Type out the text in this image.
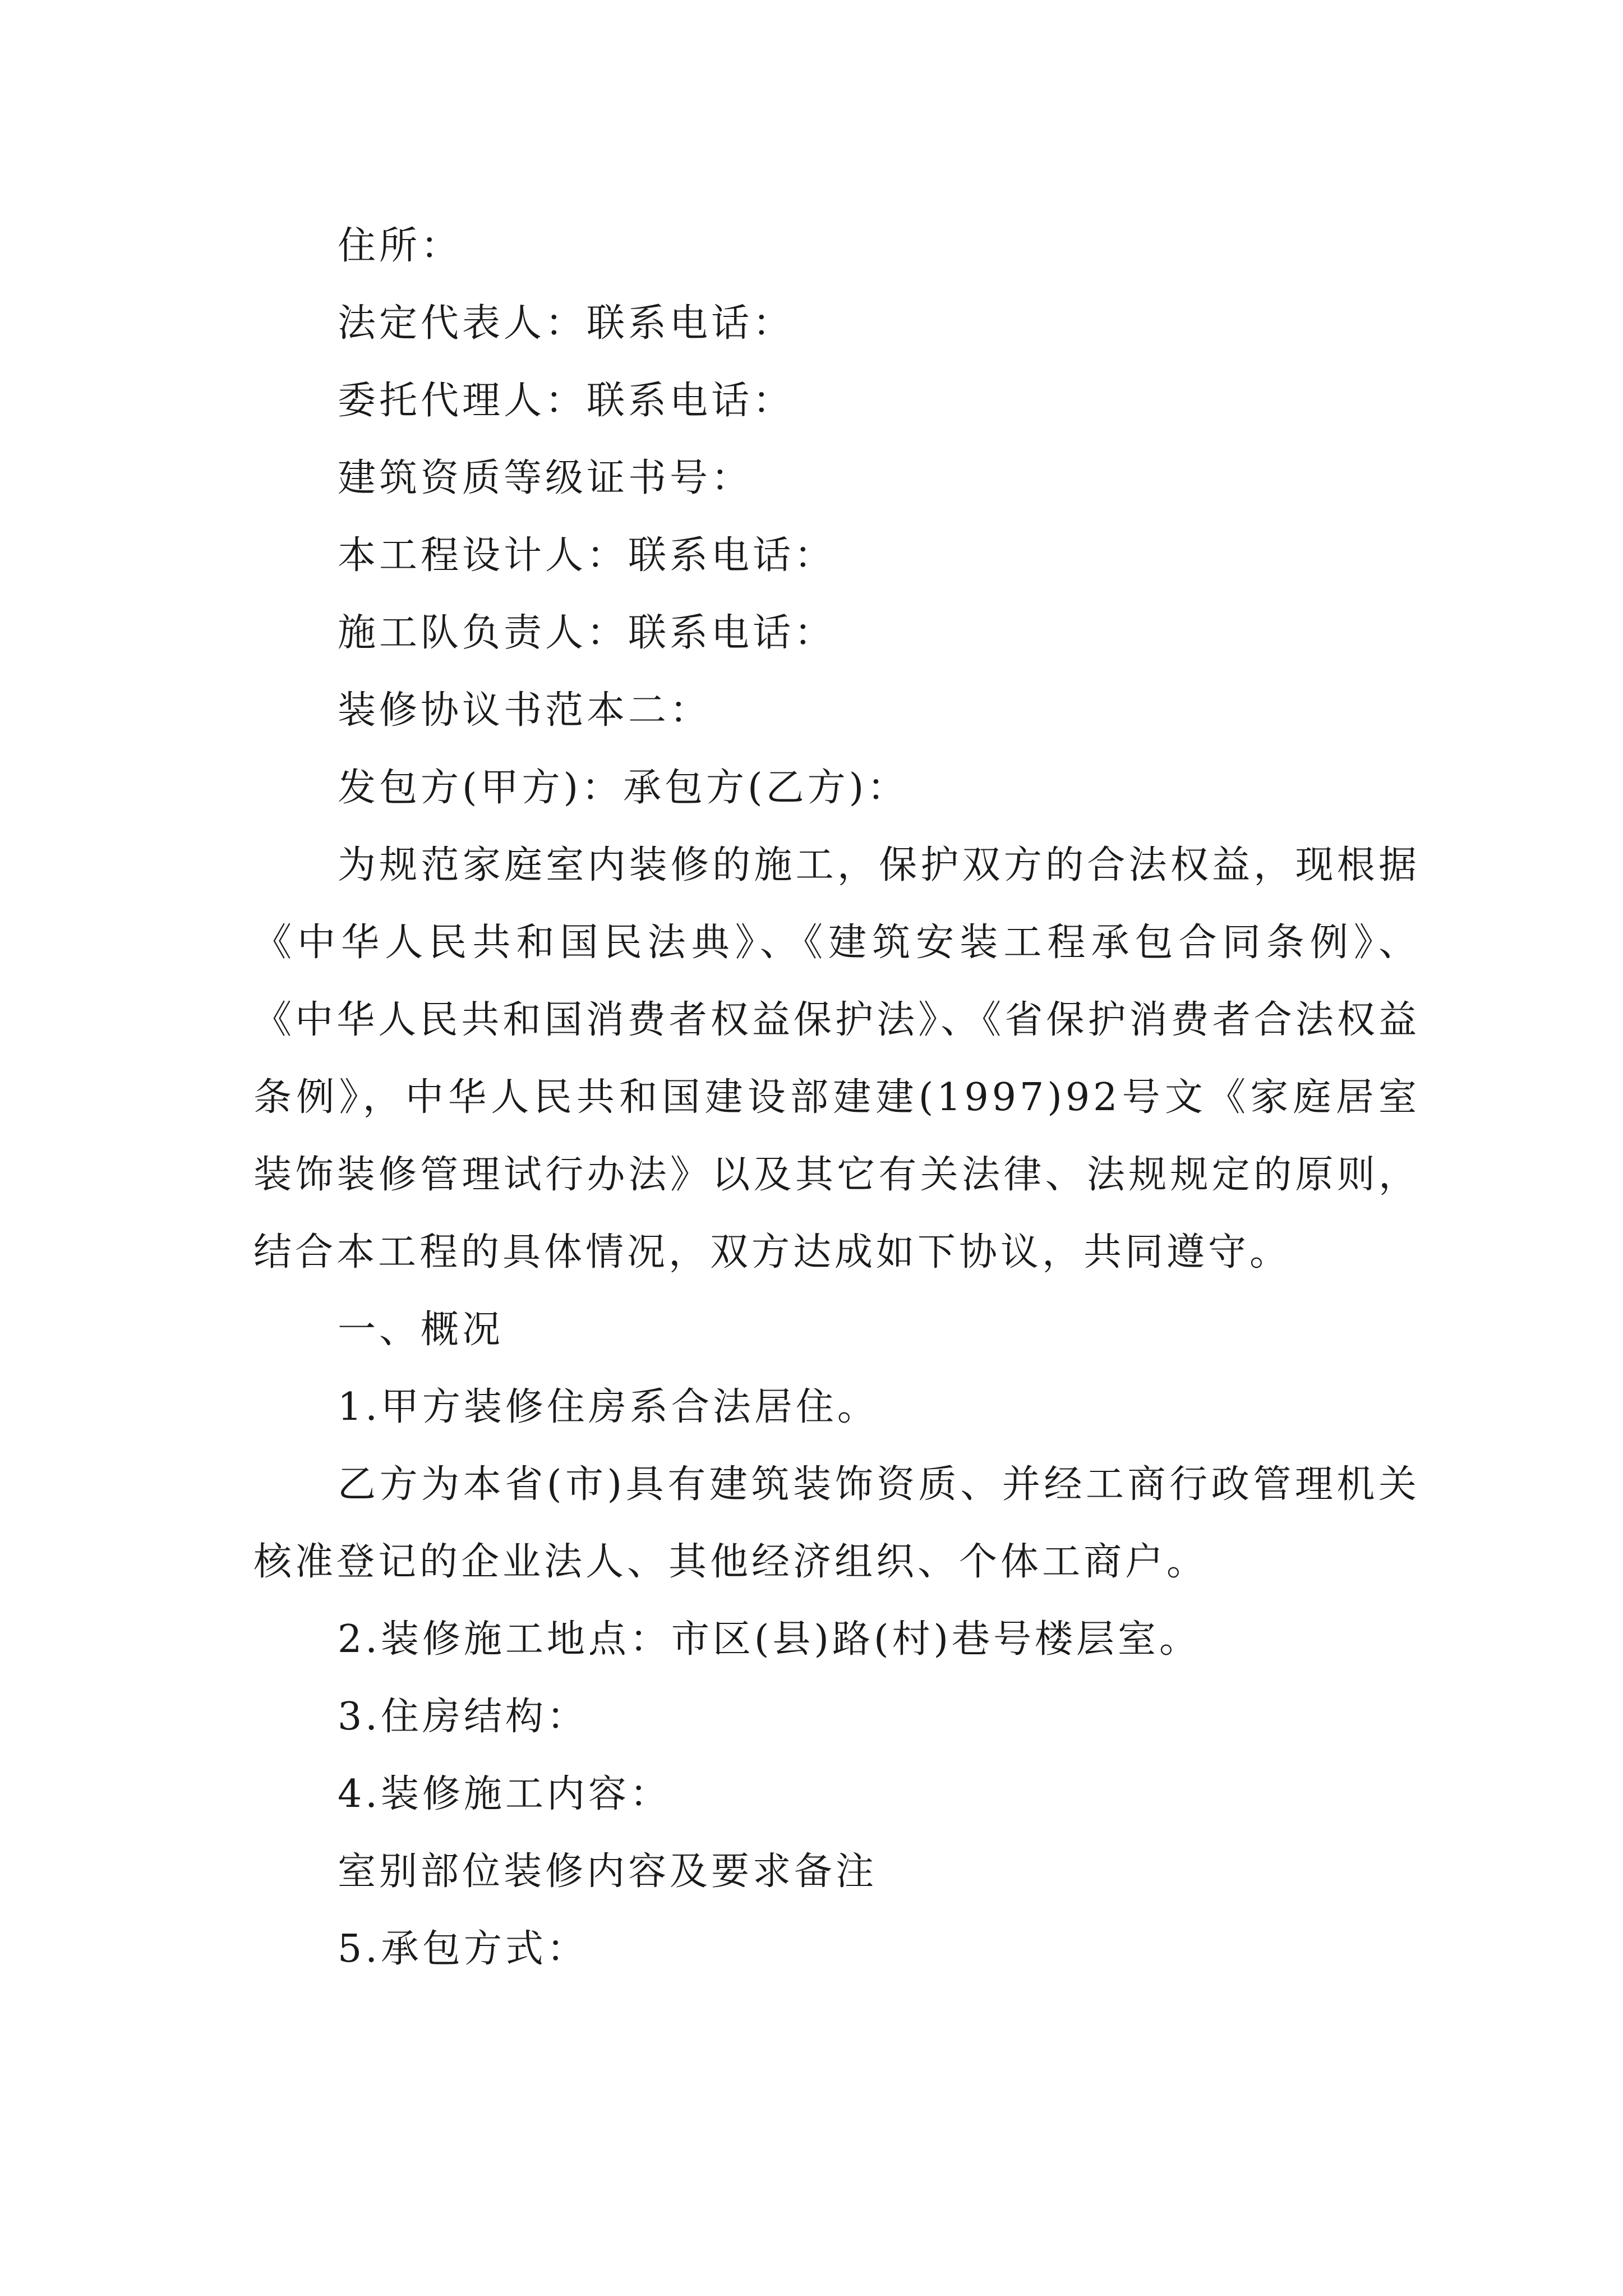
住所：
法定代表人：联系电话：
委托代理人：联系电话：
建筑资质等级证书号：
本工程设计人：联系电话：
施工队负责人：联系电话：
装修协议书范本二：
发包方(甲方)：承包方(乙方)：

为规范家庭室内装修的施工，保护双方的合法权益，现根据《中华人民共和国民法典》、《建筑安装工程承包合同条例》、《中华人民共和国消费者权益保护法》、《省保护消费者合法权益条例》，中华人民共和国建设部建建(1997)92号文《家庭居室装饰装修管理试行办法》以及其它有关法律、法规规定的原则，结合本工程的具体情况，双方达成如下协议，共同遵守。

一、概况
1.甲方装修住房系合法居住。

乙方为本省(市)具有建筑装饰资质、并经工商行政管理机关核准登记的企业法人、其他经济组织、个体工商户。

2.装修施工地点：市区(县)路(村)巷号楼层室。
3.住房结构：
4.装修施工内容：
室别部位装修内容及要求备注
5.承包方式：
